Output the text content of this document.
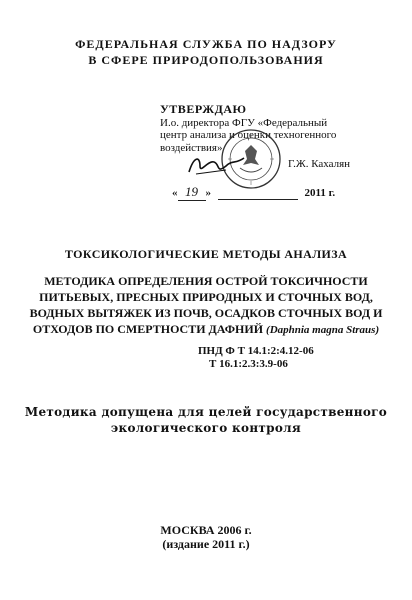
ФЕДЕРАЛЬНАЯ СЛУЖБА ПО НАДЗОРУ
В СФЕРЕ ПРИРОДОПОЛЬЗОВАНИЯ
УТВЕРЖДАЮ
И.о. директора ФГУ «Федеральный
центр анализа и оценки техногенного
воздействия»
Г.Ж. Кахалян
« 19 »	2011 г.
ТОКСИКОЛОГИЧЕСКИЕ МЕТОДЫ АНАЛИЗА
МЕТОДИКА ОПРЕДЕЛЕНИЯ ОСТРОЙ ТОКСИЧНОСТИ
ПИТЬЕВЫХ, ПРЕСНЫХ ПРИРОДНЫХ И СТОЧНЫХ ВОД,
ВОДНЫХ ВЫТЯЖЕК ИЗ ПОЧВ, ОСАДКОВ СТОЧНЫХ ВОД И
ОТХОДОВ ПО СМЕРТНОСТИ ДАФНИЙ (Daphnia magna Straus)
ПНД Ф Т 14.1:2:4.12-06
Т 16.1:2.3:3.9-06
Методика допущена для целей государственного
экологического контроля
МОСКВА 2006 г.
(издание 2011 г.)
